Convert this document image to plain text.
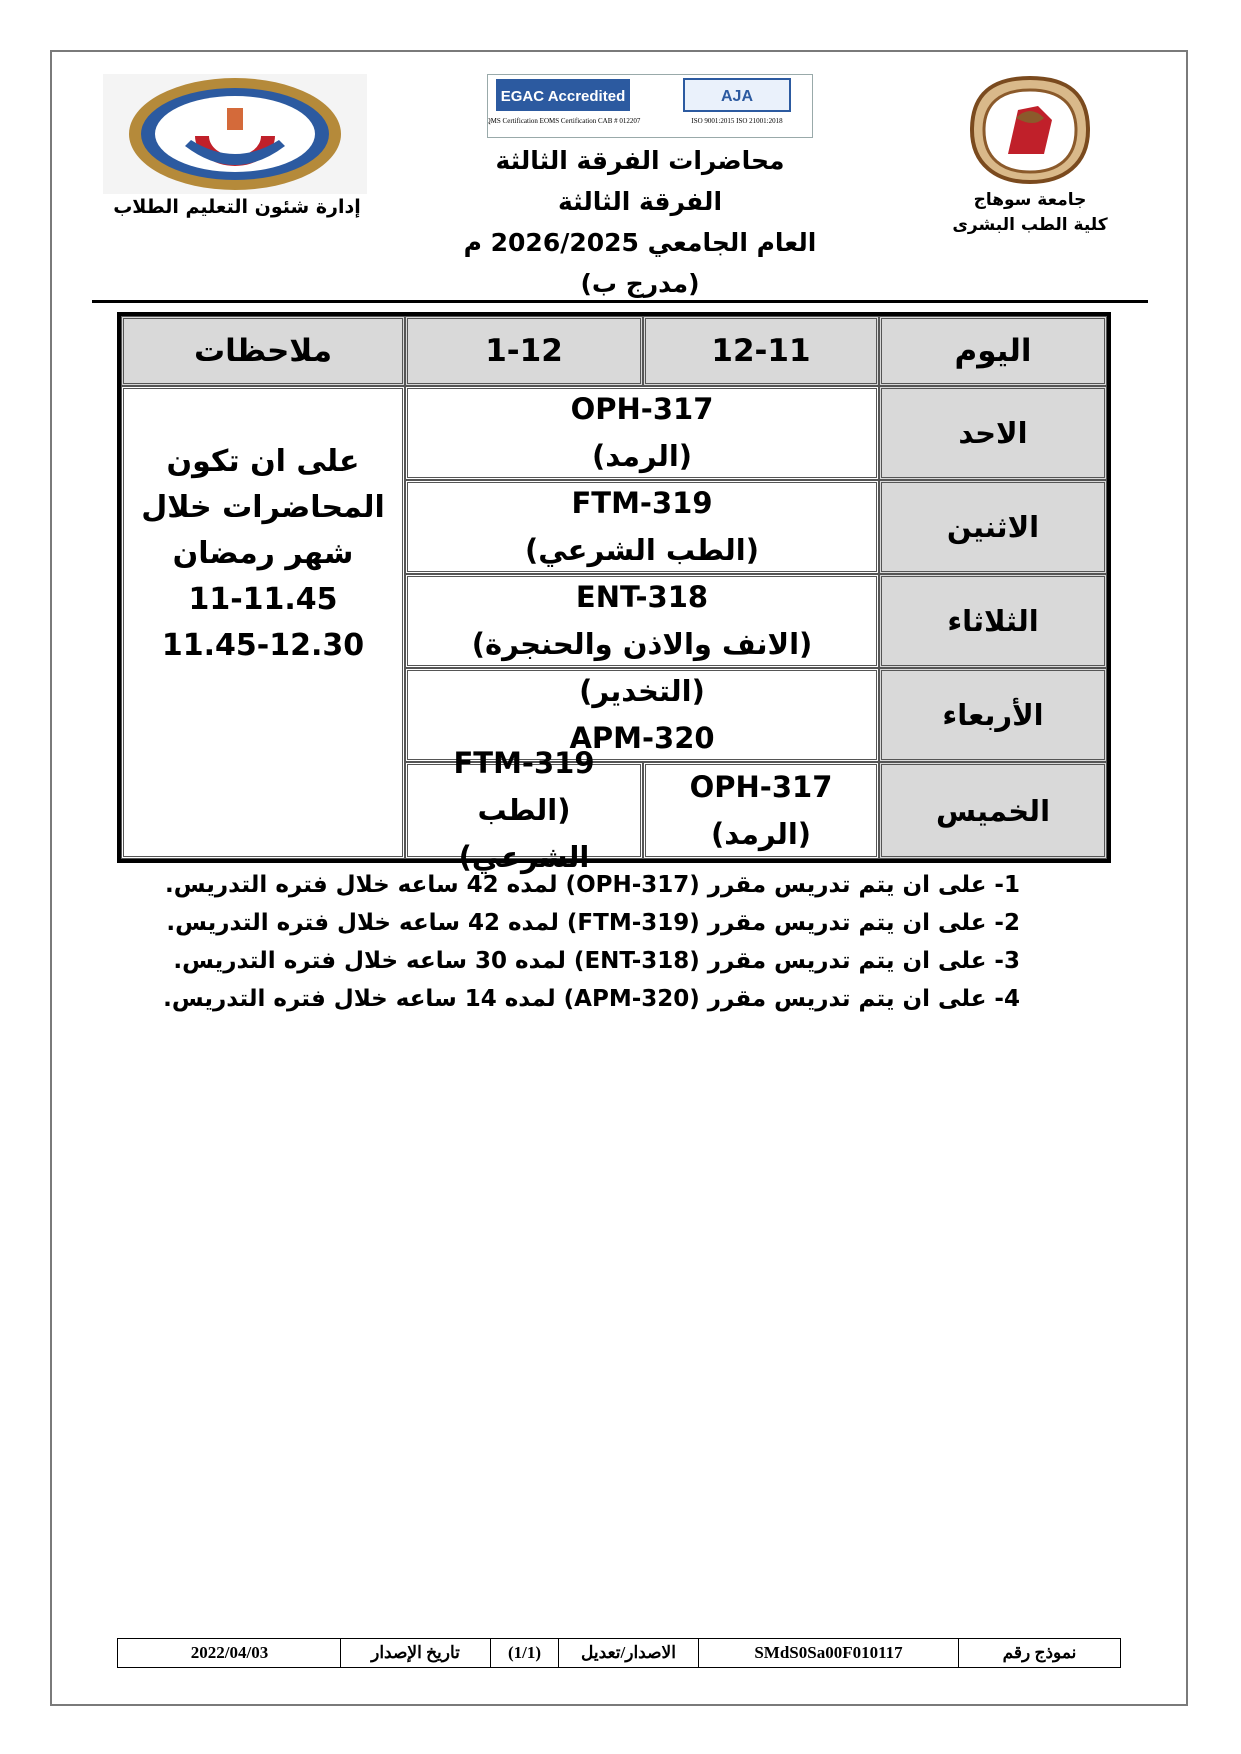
EGAC Accredited
QMS Certification EOMS Certification CAB # 012207
AJA
ISO 9001:2015 ISO 21001:2018
إدارة شئون التعليم الطلاب	جامعة سوهاج
كلية الطب البشرى
محاضرات الفرقة الثالثة
الفرقة الثالثة
العام الجامعي 2026/2025 م
(مدرج ب)
اليوم
12-11
1-12
ملاحظات
الاحد
OPH-317
(الرمد)
الاثنين
FTM-319
(الطب الشرعي)
الثلاثاء
ENT-318
(الانف والاذن والحنجرة)
الأربعاء
(التخدير)
APM-320
الخميس
OPH-317
(الرمد)
FTM-319
(الطب الشرعي)
على ان تكون
المحاضرات خلال
شهر رمضان
11-11.45
11.45-12.30
1- على ان يتم تدريس مقرر (OPH-317) لمده 42 ساعه خلال فتره التدريس.
2- على ان يتم تدريس مقرر (FTM-319) لمده 42 ساعه خلال فتره التدريس.
3- على ان يتم تدريس مقرر (ENT-318) لمده 30 ساعه خلال فتره التدريس.
4- على ان يتم تدريس مقرر (APM-320) لمده 14 ساعه خلال فتره التدريس.
نموذج رقم
SMdS0Sa00F010117
الاصدار/تعديل
(1/1)
تاريخ الإصدار
2022/04/03
